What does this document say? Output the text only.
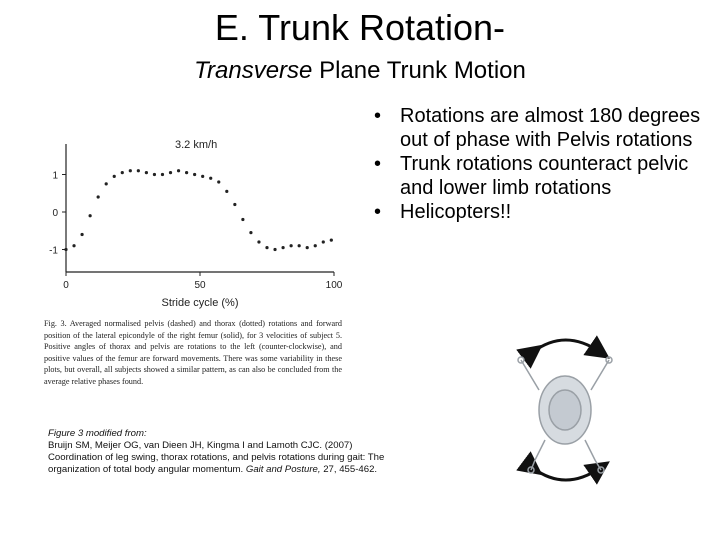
E. Trunk Rotation-
Transverse Plane Trunk Motion
3.2 km/h
0	50	100
1
0
-1
Stride cycle (%)
Fig. 3. Averaged normalised pelvis (dashed) and thorax (dotted) rotations and forward position of the lateral epicondyle of the right femur (solid), for 3 velocities of subject 5. Positive angles of thorax and pelvis are rotations to the left (counter-clockwise), and positive values of the femur are forward movements. There was some variability in these plots, but overall, all subjects showed a similar pattern, as can also be concluded from the average relative phases found.
Figure 3 modified from:
Bruijn SM, Meijer OG, van Dieen JH, Kingma I and Lamoth CJC. (2007)
Coordination of leg swing, thorax rotations, and pelvis rotations during gait: The
organization of total body angular momentum. Gait and Posture, 27, 455-462.
• Rotations are almost 180 degrees out of phase with Pelvis rotations
• Trunk rotations counteract pelvic and lower limb rotations
• Helicopters!!
